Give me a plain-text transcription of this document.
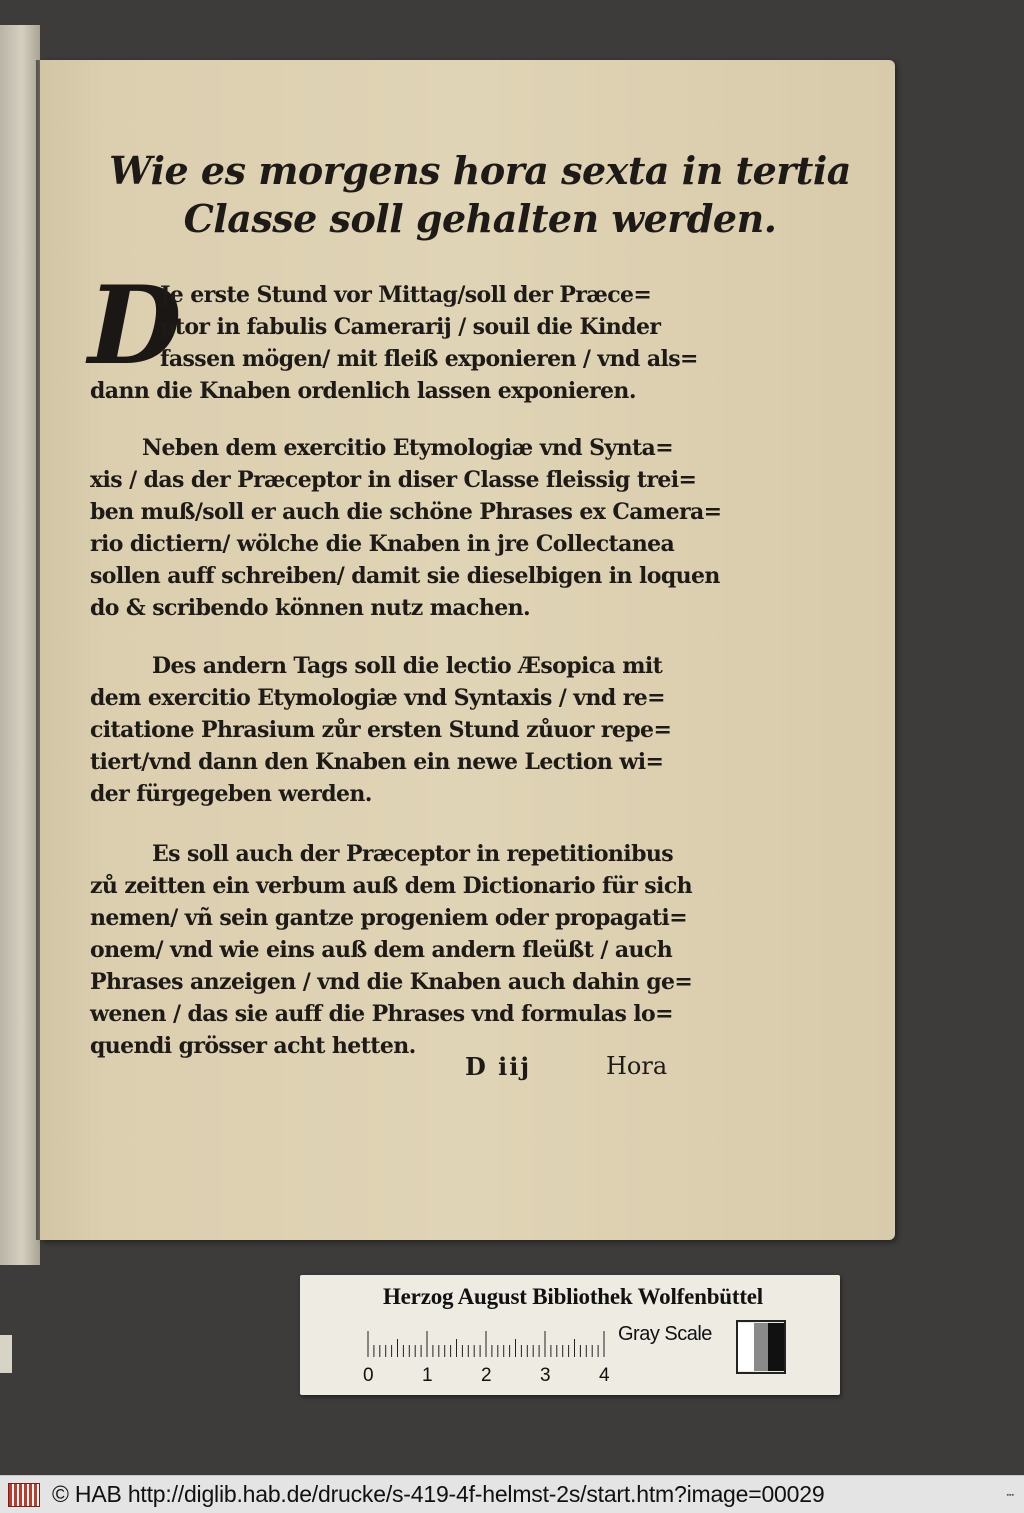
Wie es morgens hora sexta in tertia
Classe soll gehalten werden.
D
Je erste Stund vor Mittag/soll der Præce=
ptor in fabulis Camerarij / souil die Kinder
fassen mögen/ mit fleiß exponieren / vnd als=
dann die Knaben ordenlich lassen exponieren.
Neben dem exercitio Etymologiæ vnd Synta=
xis / das der Præceptor in diser Classe fleissig trei=
ben muß/soll er auch die schöne Phrases ex Camera=
rio dictiern/ wölche die Knaben in jre Collectanea
sollen auff schreiben/ damit sie dieselbigen in loquen
do & scribendo können nutz machen.
Des andern Tags soll die lectio Æsopica mit
dem exercitio Etymologiæ vnd Syntaxis / vnd re=
citatione Phrasium zůr ersten Stund zůuor repe=
tiert/vnd dann den Knaben ein newe Lection wi=
der fürgegeben werden.
Es soll auch der Præceptor in repetitionibus
zů zeitten ein verbum auß dem Dictionario für sich
nemen/ vñ sein gantze progeniem oder propagati=
onem/ vnd wie eins auß dem andern fleüßt / auch
Phrases anzeigen / vnd die Knaben auch dahin ge=
wenen / das sie auff die Phrases vnd formulas lo=
quendi grösser acht hetten.
D iij	Hora
Herzog August Bibliothek Wolfenbüttel
0	1	2	3	4
Gray Scale
© HAB http://diglib.hab.de/drucke/s-419-4f-helmst-2s/start.htm?image=00029	▪▪▪
